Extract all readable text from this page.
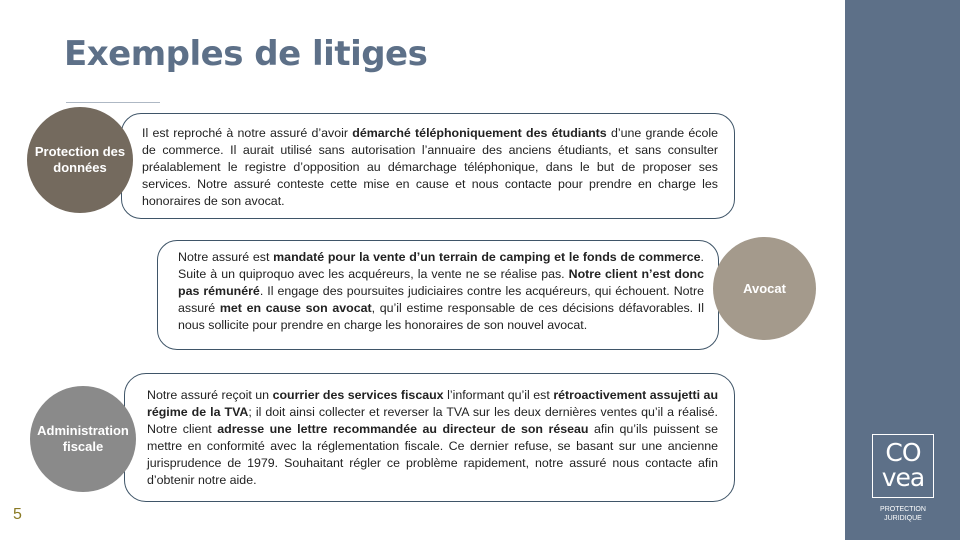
Exemples de litiges
Il est reproché à notre assuré d’avoir démarché téléphoniquement des étudiants d’une grande école de commerce. Il aurait utilisé sans autorisation l’annuaire des anciens étudiants, et sans consulter préalablement le registre d’opposition au démarchage téléphonique, dans le but de proposer ses services. Notre assuré conteste cette mise en cause et nous contacte pour prendre en charge les honoraires de son avocat.
Protection des données
Notre assuré est mandaté pour la vente d’un terrain de camping et le fonds de commerce. Suite à un quiproquo avec les acquéreurs, la vente ne se réalise pas. Notre client n’est donc pas rémunéré. Il engage des poursuites judiciaires contre les acquéreurs, qui échouent. Notre assuré met en cause son avocat, qu’il estime responsable de ces décisions défavorables. Il nous sollicite pour prendre en charge les honoraires de son nouvel avocat.
Avocat
Notre assuré reçoit un courrier des services fiscaux l’informant qu’il est rétroactivement assujetti au régime de la TVA; il doit ainsi collecter et reverser la TVA sur les deux dernières ventes qu’il a réalisé. Notre client adresse une lettre recommandée au directeur de son réseau afin qu’ils puissent se mettre en conformité avec la réglementation fiscale. Ce dernier refuse, se basant sur une ancienne jurisprudence de 1979. Souhaitant régler ce problème rapidement, notre assuré nous contacte afin d’obtenir notre aide.
Administration fiscale	CO
vea
PROTECTION JURIDIQUE
5
